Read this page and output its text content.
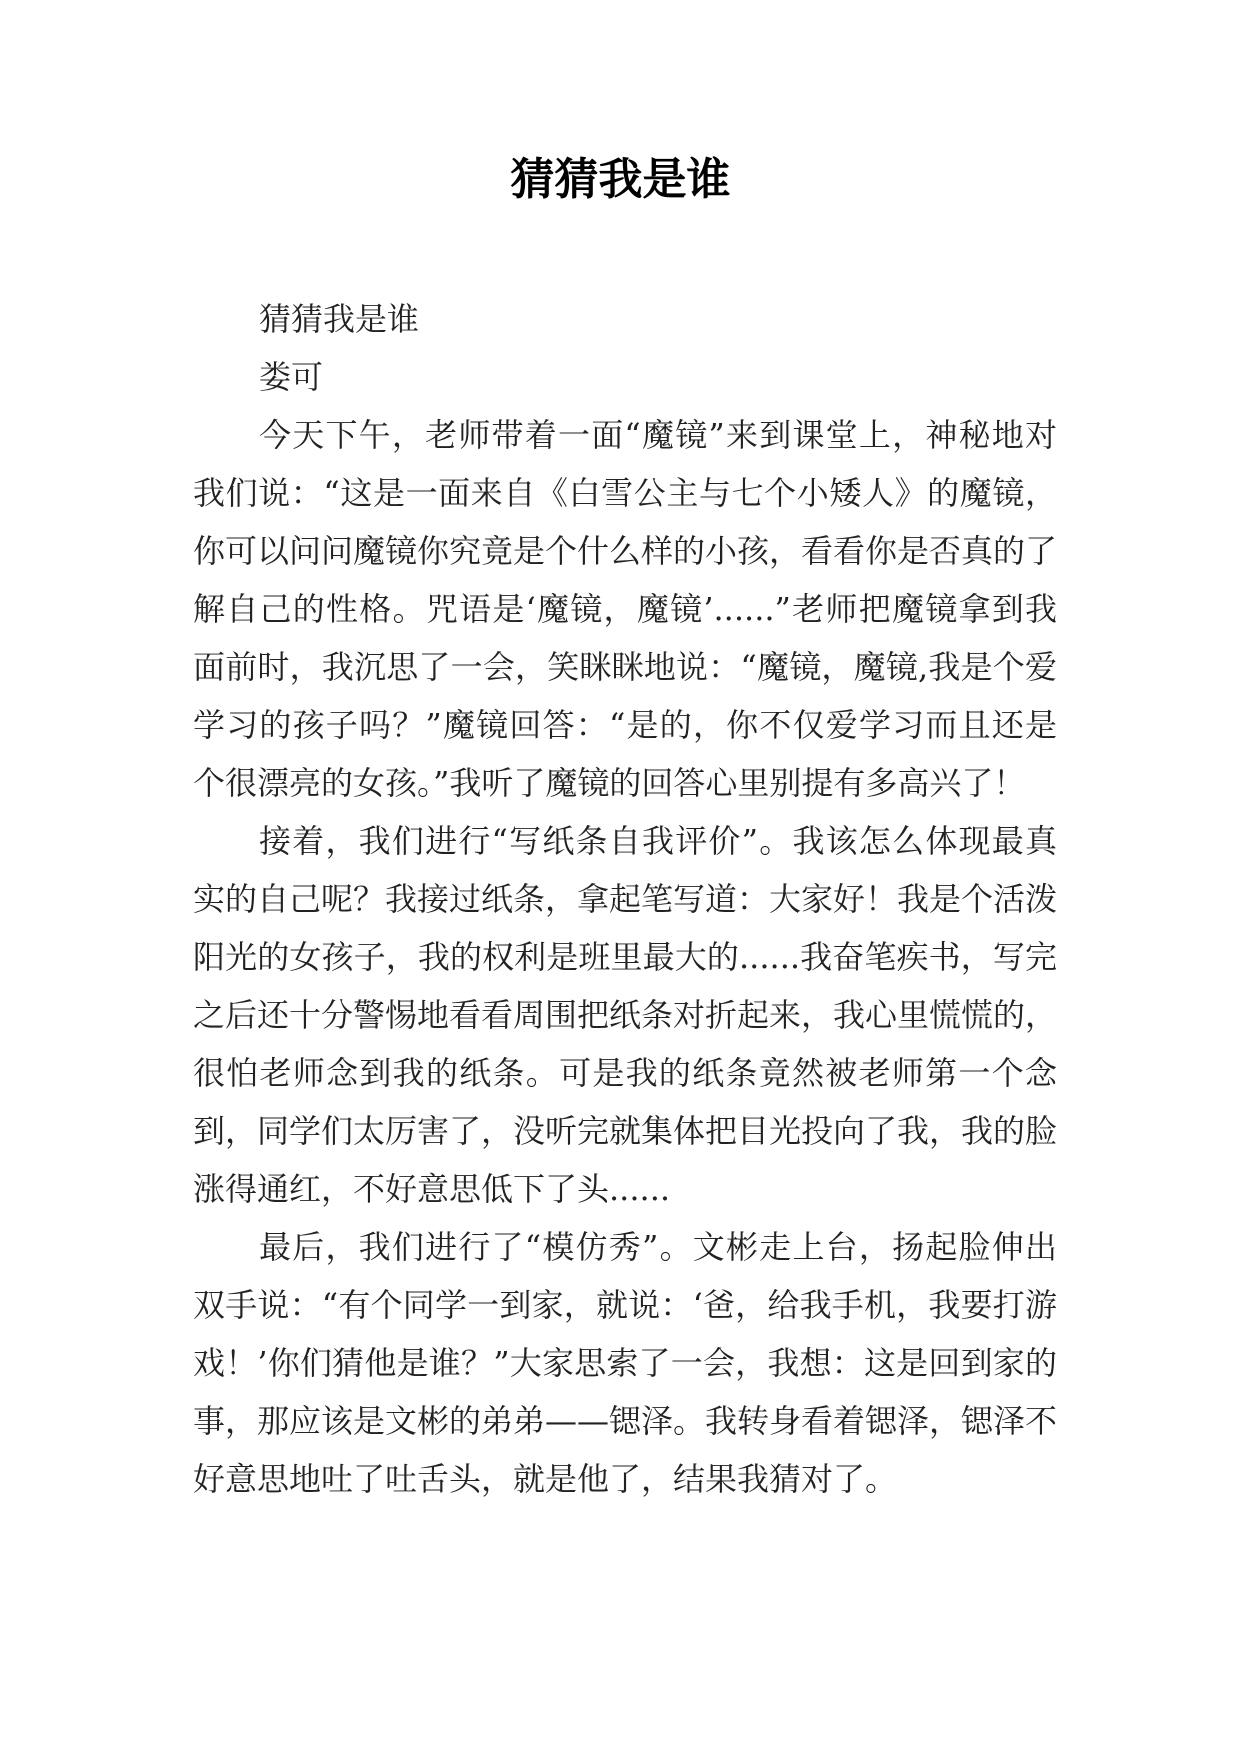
猜猜我是谁

猜猜我是谁

娄可

今天下午，老师带着一面“魔镜”来到课堂上，神秘地对我们说：“这是一面来自《白雪公主与七个小矮人》的魔镜，你可以问问魔镜你究竟是个什么样的小孩，看看你是否真的了解自己的性格。咒语是‘魔镜，魔镜’......”老师把魔镜拿到我面前时，我沉思了一会，笑眯眯地说：“魔镜，魔镜,我是个爱学习的孩子吗？”魔镜回答：“是的，你不仅爱学习而且还是个很漂亮的女孩。”我听了魔镜的回答心里别提有多高兴了！

接着，我们进行“写纸条自我评价”。我该怎么体现最真实的自己呢？我接过纸条，拿起笔写道：大家好！我是个活泼阳光的女孩子，我的权利是班里最大的......我奋笔疾书，写完之后还十分警惕地看看周围把纸条对折起来，我心里慌慌的，很怕老师念到我的纸条。可是我的纸条竟然被老师第一个念到，同学们太厉害了，没听完就集体把目光投向了我，我的脸涨得通红，不好意思低下了头......

最后，我们进行了“模仿秀”。文彬走上台，扬起脸伸出双手说：“有个同学一到家，就说：‘爸，给我手机，我要打游戏！’你们猜他是谁？”大家思索了一会，我想：这是回到家的事，那应该是文彬的弟弟——锶泽。我转身看着锶泽，锶泽不好意思地吐了吐舌头，就是他了，结果我猜对了。
